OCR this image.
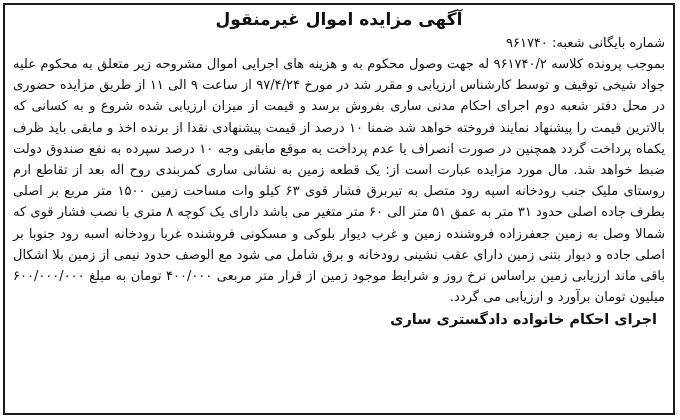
آگهی مزایده اموال غیرمنقول
شماره بایگانی شعبه: ۹۶۱۷۴۰
بموجب پرونده کلاسه ۹۶۱۷۴۰/۲ له جهت وصول محکوم به و هزینه های اجرایی اموال مشروحه زیر متعلق به محکوم علیه جواد شیخی توقیف و توسط کارشناس ارزیابی و مقرر شد در مورخ ۹۷/۴/۲۴ از ساعت ۹ الی ۱۱ از طریق مزایده حضوری در محل دفتر شعبه دوم اجرای احکام مدنی ساری بفروش برسد و قیمت از میزان ارزیابی شده شروع و به کسانی که بالاترین قیمت را پیشنهاد نمایند فروخته خواهد شد ضمنا ۱۰ درصد از قیمت پیشنهادی نقدا از برنده اخذ و مابقی باید ظرف یکماه پرداخت گردد همچنین در صورت انصراف یا عدم پرداخت به موقع مابقی وجه ۱۰ درصد سپرده به نفع صندوق دولت ضبط خواهد شد. مال مورد مزایده عبارت است از: یک قطعه زمین به نشانی ساری کمربندی روح اله بعد از تقاطع ارم روستای ملیک جنب رودخانه اسپه رود متصل به تیربرق فشار قوی ۶۳ کیلو وات مساحت زمین ۱۵۰۰ متر مربع بر اصلی بطرف جاده اصلی حدود ۳۱ متر به عمق ۵۱ متر الی ۶۰ متر متغیر می باشد دارای یک کوچه ۸ متری با نصب فشار قوی که شمالا وصل به زمین جعفرزاده فروشنده زمین و غرب دیوار بلوکی و مسکونی فروشنده غربا رودخانه اسبه رود جنوبا بر اصلی جاده و دیوار بتنی زمین دارای عقب نشینی رودخانه و برق شامل می شود مع الوصف حدود نیمی از زمین بلا اشکال باقی ماند ارزیابی زمین براساس نرخ روز و شرایط موجود زمین از قرار متر مربعی ۴۰۰/۰۰۰ تومان به مبلغ ۶۰۰/۰۰۰/۰۰۰ میلیون تومان برآورد و ارزیابی می گردد.
اجرای احکام خانواده دادگستری ساری
